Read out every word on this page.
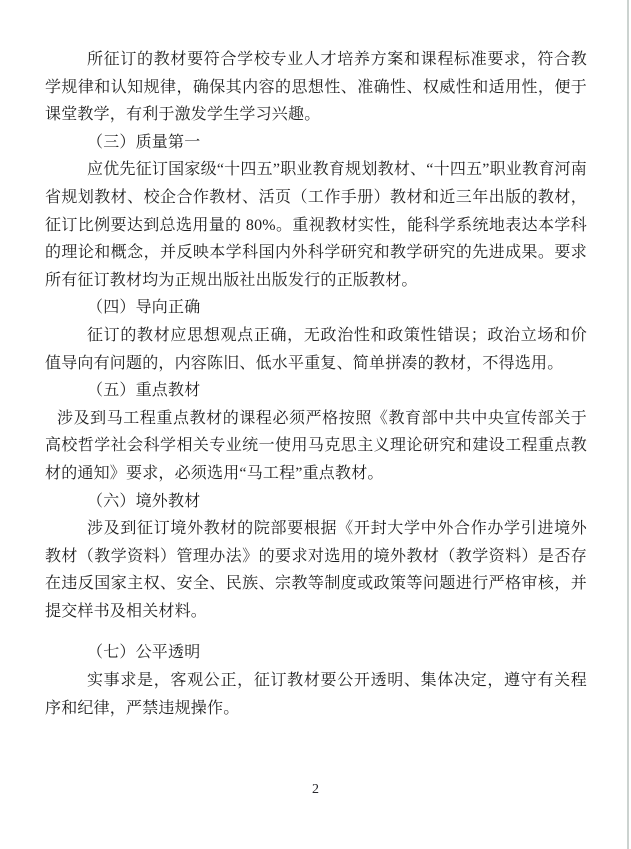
所征订的教材要符合学校专业人才培养方案和课程标准要求，符合教学规律和认知规律，确保其内容的思想性、准确性、权威性和适用性，便于课堂教学，有利于激发学生学习兴趣。

（三）质量第一

应优先征订国家级“十四五”职业教育规划教材、“十四五”职业教育河南省规划教材、校企合作教材、活页（工作手册）教材和近三年出版的教材，征订比例要达到总选用量的 80%。重视教材实性，能科学系统地表达本学科的理论和概念，并反映本学科国内外科学研究和教学研究的先进成果。要求所有征订教材均为正规出版社出版发行的正版教材。

（四）导向正确

征订的教材应思想观点正确，无政治性和政策性错误；政治立场和价值导向有问题的，内容陈旧、低水平重复、简单拼凑的教材，不得选用。

（五）重点教材

涉及到马工程重点教材的课程必须严格按照《教育部中共中央宣传部关于高校哲学社会科学相关专业统一使用马克思主义理论研究和建设工程重点教材的通知》要求，必须选用“马工程”重点教材。

（六）境外教材

涉及到征订境外教材的院部要根据《开封大学中外合作办学引进境外教材（教学资料）管理办法》的要求对选用的境外教材（教学资料）是否存在违反国家主权、安全、民族、宗教等制度或政策等问题进行严格审核，并提交样书及相关材料。

（七）公平透明

实事求是，客观公正，征订教材要公开透明、集体决定，遵守有关程序和纪律，严禁违规操作。

2
